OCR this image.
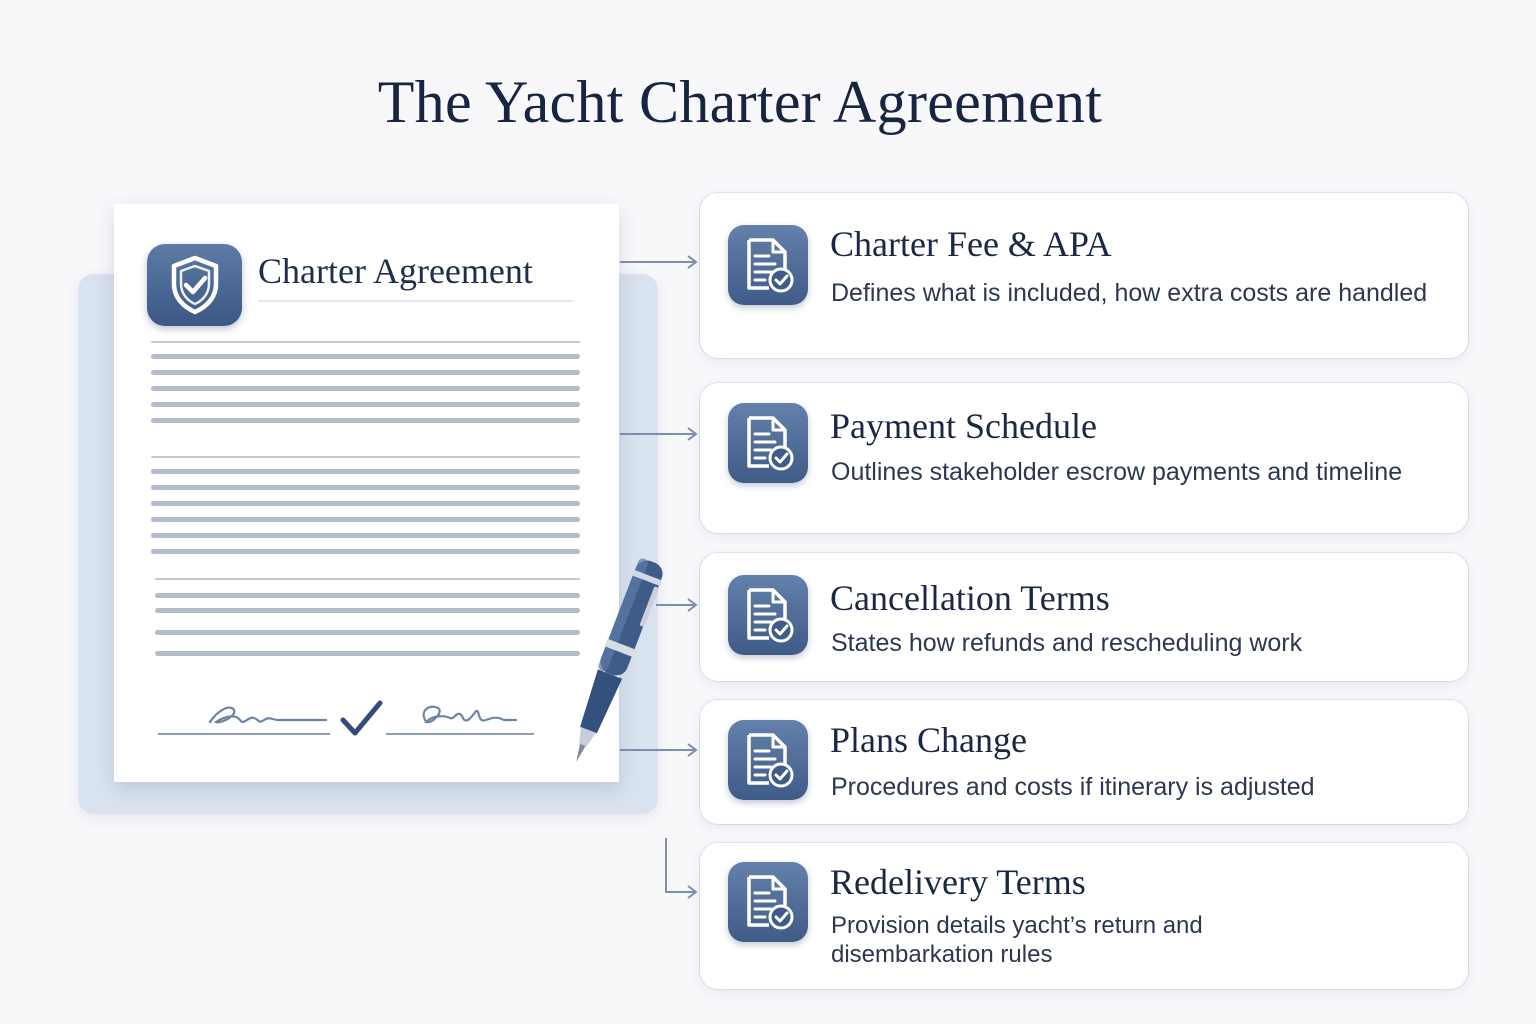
The Yacht Charter Agreement
Charter Agreement
Charter Fee & APA
Defines what is included, how extra costs are handled
Payment Schedule
Outlines stakeholder escrow payments and timeline
Cancellation Terms
States how refunds and rescheduling work
Plans Change
Procedures and costs if itinerary is adjusted
Redelivery Terms
Provision details yacht’s return and disembarkation rules
